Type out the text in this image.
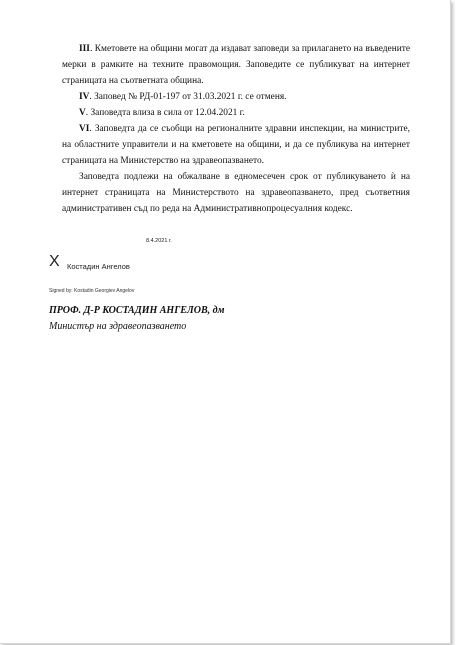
III. Кметовете на общини могат да издават заповеди за прилагането на въведените мерки в рамките на техните правомощия. Заповедите се публикуват на интернет страницата на съответната община.

IV. Заповед № РД-01-197 от 31.03.2021 г. се отменя.

V. Заповедта влиза в сила от 12.04.2021 г.

VI. Заповедта да се съобщи на регионалните здравни инспекции, на министрите, на областните управители и на кметовете на общини, и да се публикува на интернет страницата на Министерство на здравеопазването.

Заповедта подлежи на обжалване в едномесечен срок от публикуването ѝ на интернет страницата на Министерството на здравеопазването, пред съответния административен съд по реда на Административнопроцесуалния кодекс.

8.4.2021 г.
X Костадин Ангелов
Signed by: Kostadin Georgiev Angelov
ПРОФ. Д-Р КОСТАДИН АНГЕЛОВ, дм
Министър на здравеопазването
